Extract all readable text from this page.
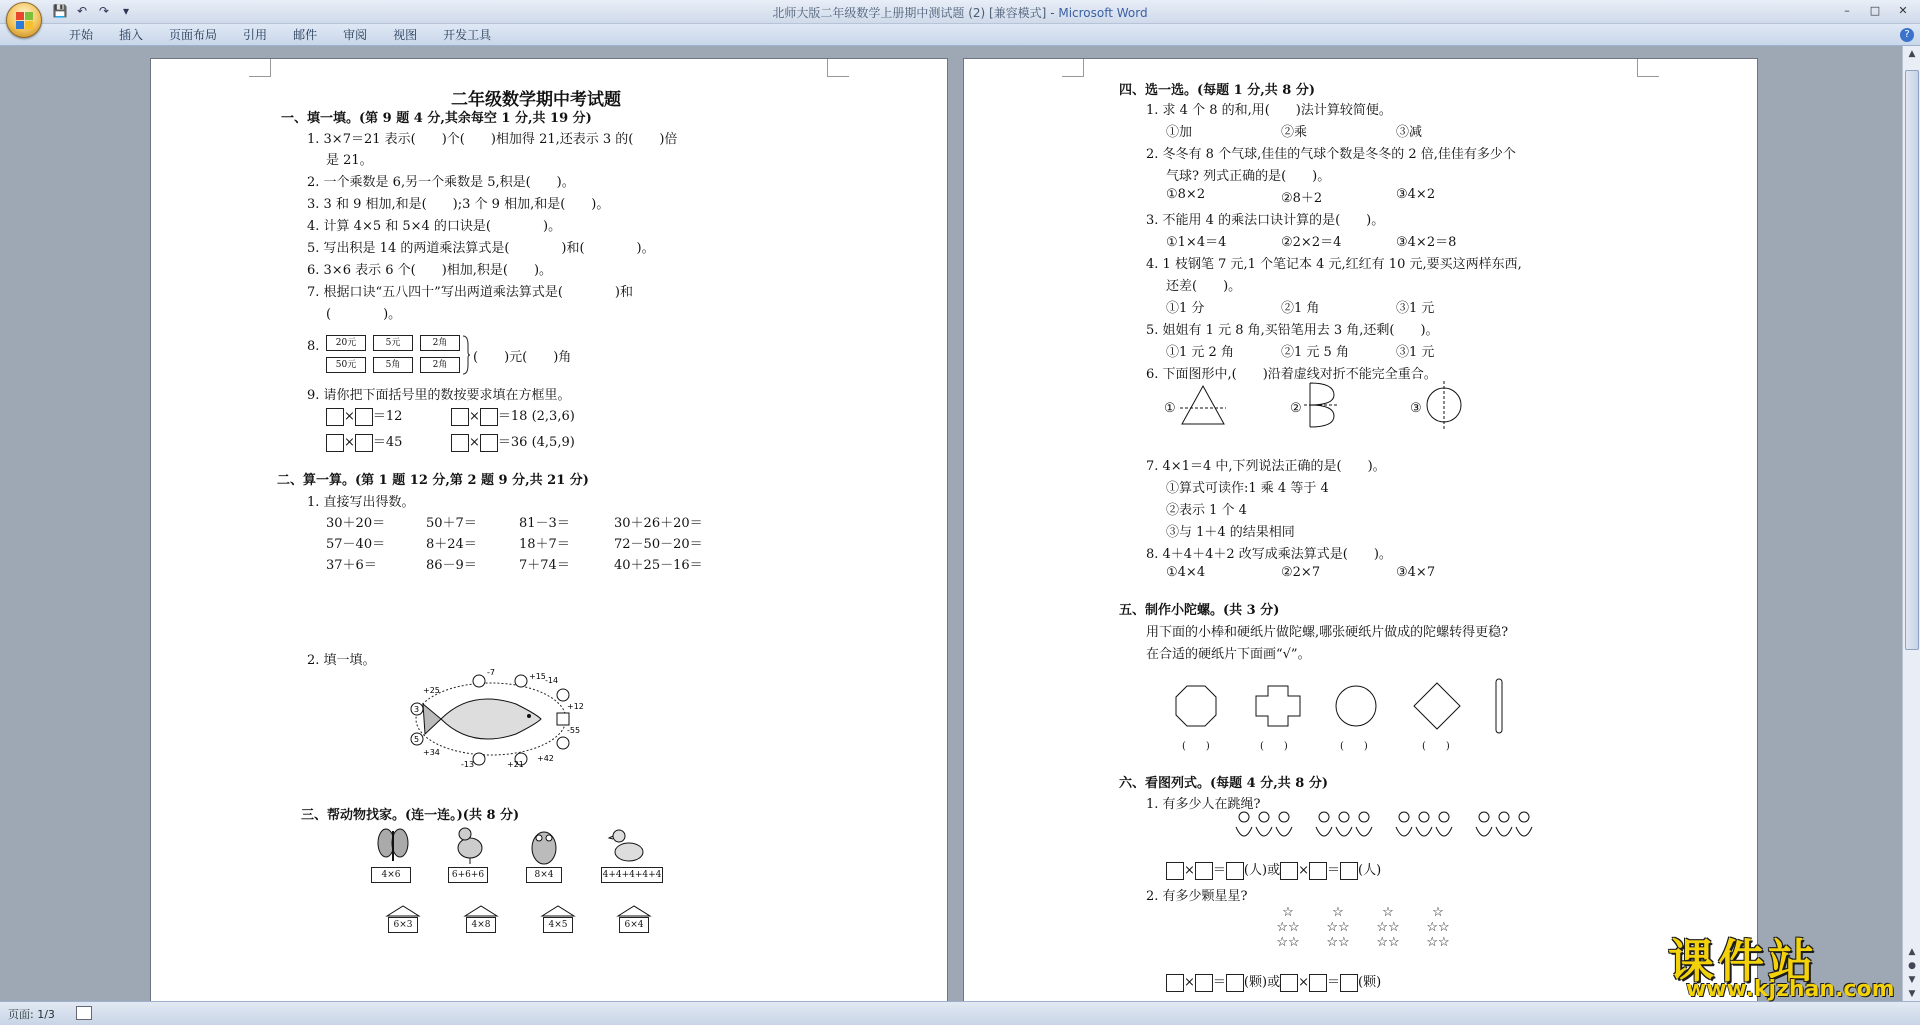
💾 ↶ ↷	▾	北师大版二年级数学上册期中测试题 (2) [兼容模式] - Microsoft Word	–	□	✕
开始	插入	页面布局	引用	邮件	审阅	视图	开发工具	?
二年级数学期中考试题
一、填一填。(第 9 题 4 分,其余每空 1 分,共 19 分)
1. 3×7＝21 表示(　　)个(　　)相加得 21,还表示 3 的(　　)倍
是 21。
2. 一个乘数是 6,另一个乘数是 5,积是(　　)。
3. 3 和 9 相加,和是(　　);3 个 9 相加,和是(　　)。
4. 计算 4×5 和 5×4 的口诀是(　　　　)。
5. 写出积是 14 的两道乘法算式是(　　　　)和(　　　　)。
6. 3×6 表示 6 个(　　)相加,积是(　　)。
7. 根据口诀“五八四十”写出两道乘法算式是(　　　　)和
(　　　　)。
8.	20元	5元	2角
50元	5角	2角	(　　)元(　　)角
9. 请你把下面括号里的数按要求填在方框里。
× ＝12	× ＝18 (2,3,6)
× ＝45	× ＝36 (4,5,9)
二、算一算。(第 1 题 12 分,第 2 题 9 分,共 21 分)
1. 直接写出得数。
30＋20＝	50＋7＝	81－3＝	30＋26＋20＝
57－40＝	8＋24＝	18＋7＝	72－50－20＝
37＋6＝	86－9＝	7＋74＝	40＋25－16＝
2. 填一填。
-7	+15 -14
+25
+12
-55
+42
+21
-13
+34
3
5
三、帮动物找家。(连一连。)(共 8 分)
4×6	6+6+6	8×4	4+4+4+4+4
6×3	4×8	4×5	6×4
四、选一选。(每题 1 分,共 8 分)
1. 求 4 个 8 的和,用(　　)法计算较简便。
①加	②乘	③减
2. 冬冬有 8 个气球,佳佳的气球个数是冬冬的 2 倍,佳佳有多少个
气球? 列式正确的是(　　)。
①8×2	②8＋2	③4×2
3. 不能用 4 的乘法口诀计算的是(　　)。
①1×4＝4	②2×2＝4	③4×2＝8
4. 1 枝钢笔 7 元,1 个笔记本 4 元,红红有 10 元,要买这两样东西,
还差(　　)。
①1 分	②1 角	③1 元
5. 姐姐有 1 元 8 角,买铅笔用去 3 角,还剩(　　)。
①1 元 2 角	②1 元 5 角	③1 元
6. 下面图形中,(　　)沿着虚线对折不能完全重合。
①	②	③
7. 4×1＝4 中,下列说法正确的是(　　)。
①算式可读作:1 乘 4 等于 4
②表示 1 个 4
③与 1＋4 的结果相同
8. 4＋4＋4＋2 改写成乘法算式是(　　)。
①4×4	②2×7	③4×7
五、制作小陀螺。(共 3 分)
用下面的小棒和硬纸片做陀螺,哪张硬纸片做成的陀螺转得更稳?
在合适的硬纸片下面画“√”。
(　　)	(　　)	(　　)	(　　)
六、看图列式。(每题 4 分,共 8 分)
1. 有多少人在跳绳?
× ＝ (人)或 × ＝ (人)
2. 有多少颗星星?
☆
☆☆
☆☆
☆
☆☆
☆☆
☆
☆☆
☆☆
☆
☆☆
☆☆
× ＝ (颗)或 × ＝ (颗)
▲
▲
●
▼
▼
页面: 1/3
课件站
www.kjzhan.com
